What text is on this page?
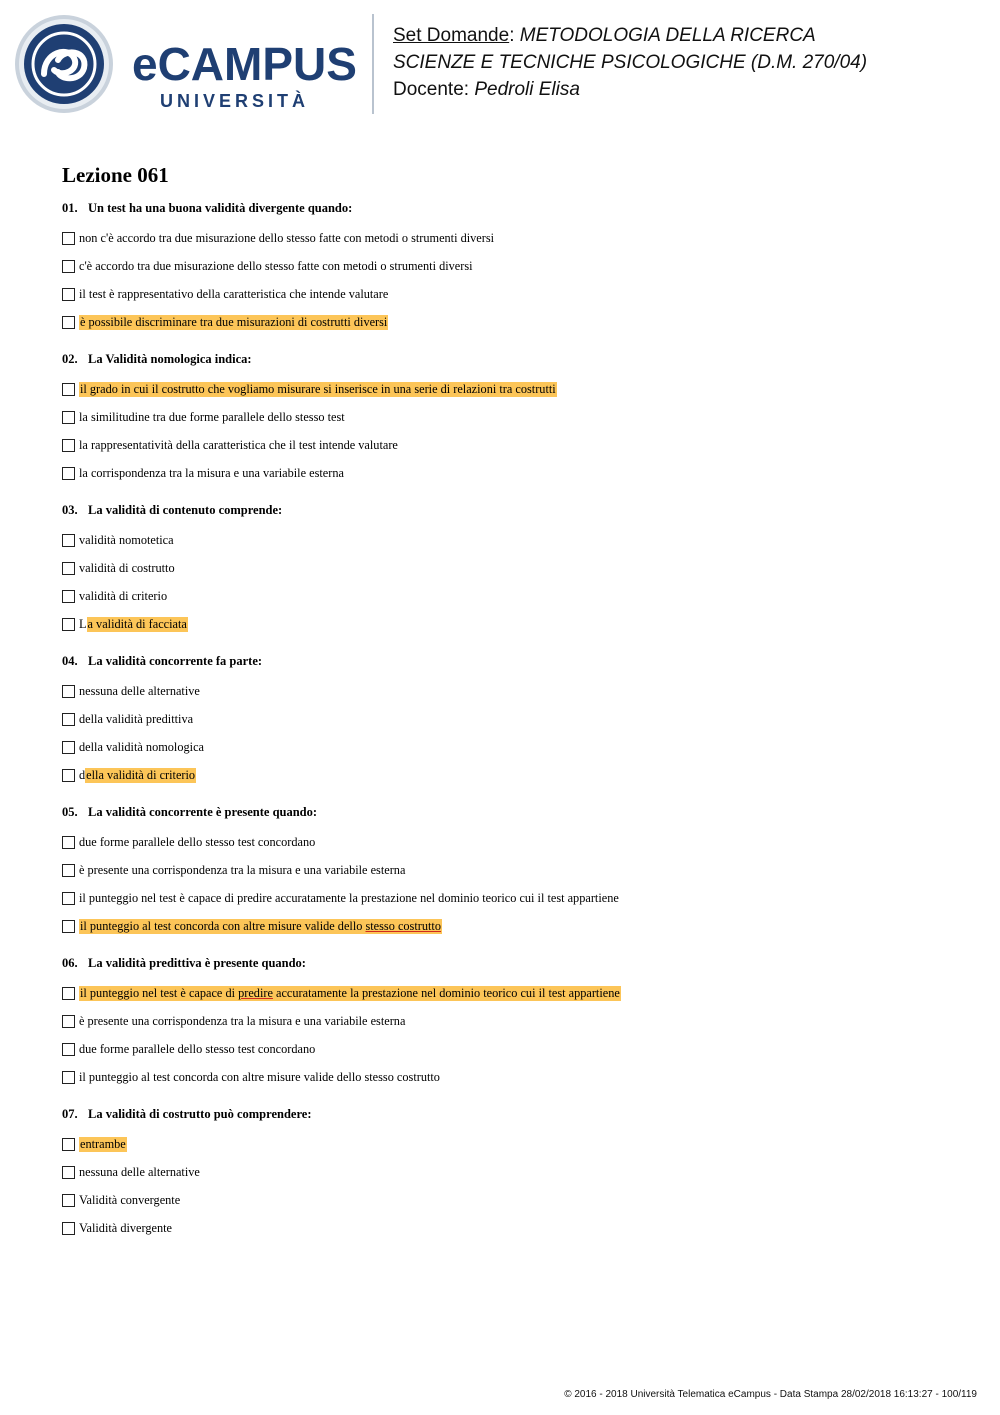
eCAMPUS
UNIVERSITÀ
Set Domande: METODOLOGIA DELLA RICERCA
SCIENZE E TECNICHE PSICOLOGICHE (D.M. 270/04)
Docente: Pedroli Elisa
Lezione 061
01. Un test ha una buona validità divergente quando:
non c'è accordo tra due misurazione dello stesso fatte con metodi o strumenti diversi
c'è accordo tra due misurazione dello stesso fatte con metodi o strumenti diversi
il test è rappresentativo della caratteristica che intende valutare
è possibile discriminare tra due misurazioni di costrutti diversi
02. La Validità nomologica indica:
il grado in cui il costrutto che vogliamo misurare si inserisce in una serie di relazioni tra costrutti
la similitudine tra due forme parallele dello stesso test
la rappresentatività della caratteristica che il test intende valutare
la corrispondenza tra la misura e una variabile esterna
03. La validità di contenuto comprende:
validità nomotetica
validità di costrutto
validità di criterio
L a validità di facciata
04. La validità concorrente fa parte:
nessuna delle alternative
della validità predittiva
della validità nomologica
d ella validità di criterio
05. La validità concorrente è presente quando:
due forme parallele dello stesso test concordano
è presente una corrispondenza tra la misura e una variabile esterna
il punteggio nel test è capace di predire accuratamente la prestazione nel dominio teorico cui il test appartiene
il punteggio al test concorda con altre misure valide dello stesso costrutto
06. La validità predittiva è presente quando:
il punteggio nel test è capace di predire accuratamente la prestazione nel dominio teorico cui il test appartiene
è presente una corrispondenza tra la misura e una variabile esterna
due forme parallele dello stesso test concordano
il punteggio al test concorda con altre misure valide dello stesso costrutto
07. La validità di costrutto può comprendere:
entrambe
nessuna delle alternative
Validità convergente
Validità divergente
© 2016 - 2018 Università Telematica eCampus - Data Stampa 28/02/2018 16:13:27 - 100/119
